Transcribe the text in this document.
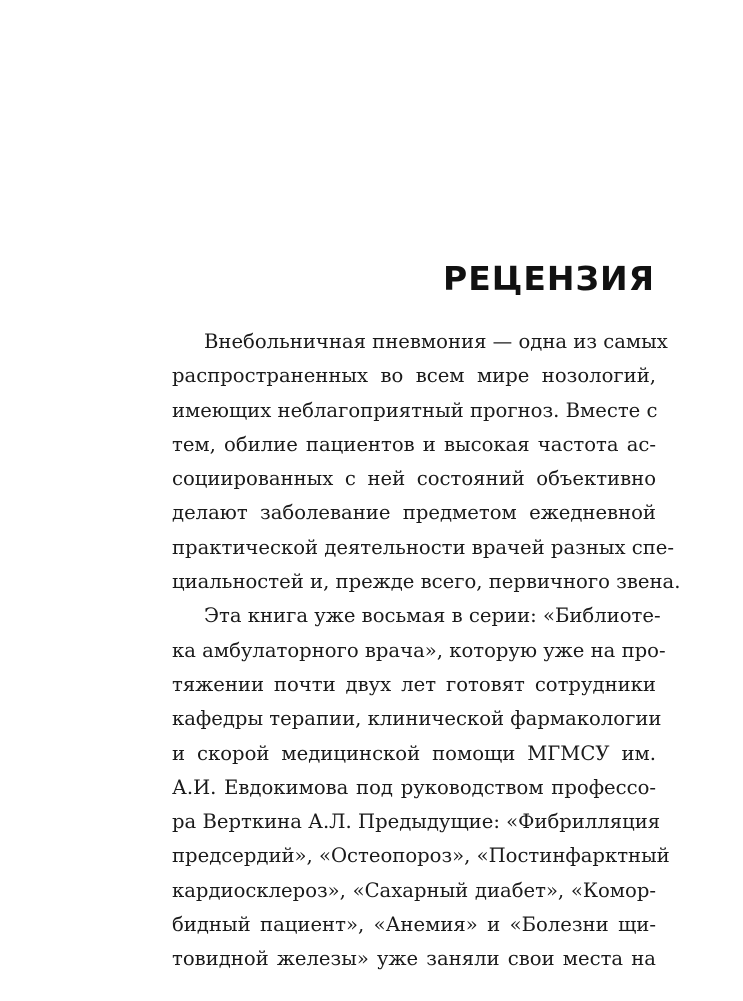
РЕЦЕНЗИЯ
Внебольничная пневмония — одна из самых
распространенных во всем мире нозологий,
имеющих неблагоприятный прогноз. Вместе с
тем, обилие пациентов и высокая частота ас-
социированных с ней состояний объективно
делают заболевание предметом ежедневной
практической деятельности врачей разных спе-
циальностей и, прежде всего, первичного звена.
Эта книга уже восьмая в серии: «Библиоте-
ка амбулаторного врача», которую уже на про-
тяжении почти двух лет готовят сотрудники
кафедры терапии, клинической фармакологии
и скорой медицинской помощи МГМСУ им.
А.И. Евдокимова под руководством профессо-
ра Верткина А.Л. Предыдущие: «Фибрилляция
предсердий», «Остеопороз», «Постинфарктный
кардиосклероз», «Сахарный диабет», «Комор-
бидный пациент», «Анемия» и «Болезни щи-
товидной железы» уже заняли свои места на
